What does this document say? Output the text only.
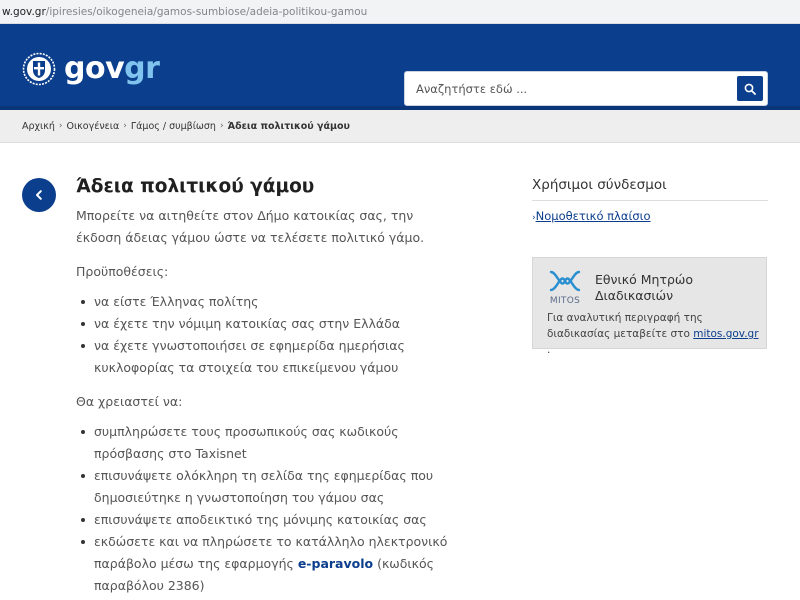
w.gov.gr /ipiresies/oikogeneia/gamos-sumbiose/adeia-politikou-gamou
govgr
Αναζητήστε εδώ ...
Αρχική › Οικογένεια › Γάμος / συμβίωση › Άδεια πολιτικού γάμου
Άδεια πολιτικού γάμου

Μπορείτε να αιτηθείτε στον Δήμο κατοικίας σας, την έκδοση άδειας γάμου ώστε να τελέσετε πολιτικό γάμο.

Προϋποθέσεις:

να είστε Έλληνας πολίτης
να έχετε την νόμιμη κατοικίας σας στην Ελλάδα
να έχετε γνωστοποιήσει σε εφημερίδα ημερήσιας κυκλοφορίας τα στοιχεία του επικείμενου γάμου

Θα χρειαστεί να:

συμπληρώσετε τους προσωπικούς σας κωδικούς πρόσβασης στο Taxisnet
επισυνάψετε ολόκληρη τη σελίδα της εφημερίδας που δημοσιεύτηκε η γνωστοποίηση του γάμου σας
επισυνάψετε αποδεικτικό της μόνιμης κατοικίας σας
εκδώσετε και να πληρώσετε το κατάλληλο ηλεκτρονικό παράβολο μέσω της εφαρμογής e-paravolo (κωδικός παραβόλου 2386)
Χρήσιμοι σύνδεσμοι
›Νομοθετικό πλαίσιο
MITOS
Εθνικό Μητρώο Διαδικασιών
Για αναλυτική περιγραφή της διαδικασίας μεταβείτε στο mitos.gov.gr .
